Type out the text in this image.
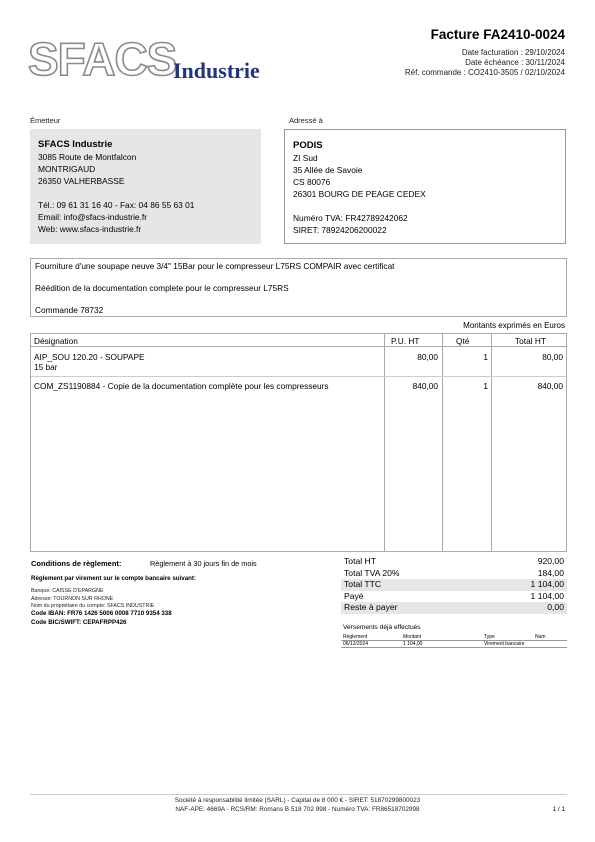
SFACS
Industrie
Facture FA2410-0024
Date facturation : 29/10/2024
Date échéance : 30/11/2024
Réf. commande : CO2410-3505 / 02/10/2024
Émetteur	Adressé à
SFACS Industrie
3085 Route de Montfalcon
MONTRIGAUD
26350 VALHERBASSE
Tél.: 09 61 31 16 40 - Fax: 04 86 55 63 01
Email: info@sfacs-industrie.fr
Web: www.sfacs-industrie.fr
PODIS
ZI Sud
35 Allée de Savoie
CS 80076
26301 BOURG DE PEAGE CEDEX
Numéro TVA: FR42789242062
SIRET: 78924206200022
Fourniture d'une soupape neuve 3/4" 15Bar pour le compresseur L75RS COMPAIR avec certificat
Réédition de la documentation complete pour le compresseur L75RS
Commande 78732
Montants exprimés en Euros
Désignation	P.U. HT	Qté	Total HT
AIP_SOU 120.20 - SOUPAPE
15 bar
80,00	1	80,00
COM_ZS1190884 - Copie de la documentation complète pour les compresseurs	840,00	1	840,00
Conditions de règlement:	Règlement à 30 jours fin de mois
Règlement par virement sur le compte bancaire suivant:
Banque: CAISSE D'EPARGNE
Adresse: TOURNON SUR RHONE
Nom du propriétaire du compte: SFACS INDUSTRIE
Code IBAN: FR76 1426 5006 0008 7710 9354 338
Code BIC/SWIFT: CEPAFRPP426
Total HT	920,00
Total TVA 20%	184,00
Total TTC	1 104,00
Payé	1 104,00
Reste à payer	0,00
Versements déjà effectués
Règlement	Montant	Type	Num
06/12/2024	1 104,00	Virement bancaire
Société à responsabilité limitée (SARL) - Capital de 8 000 € - SIRET: 51870299800023
NAF-APE: 4669A - RCS/RM: Romans B 518 702 998 - Numéro TVA: FR86518702998	1 / 1
